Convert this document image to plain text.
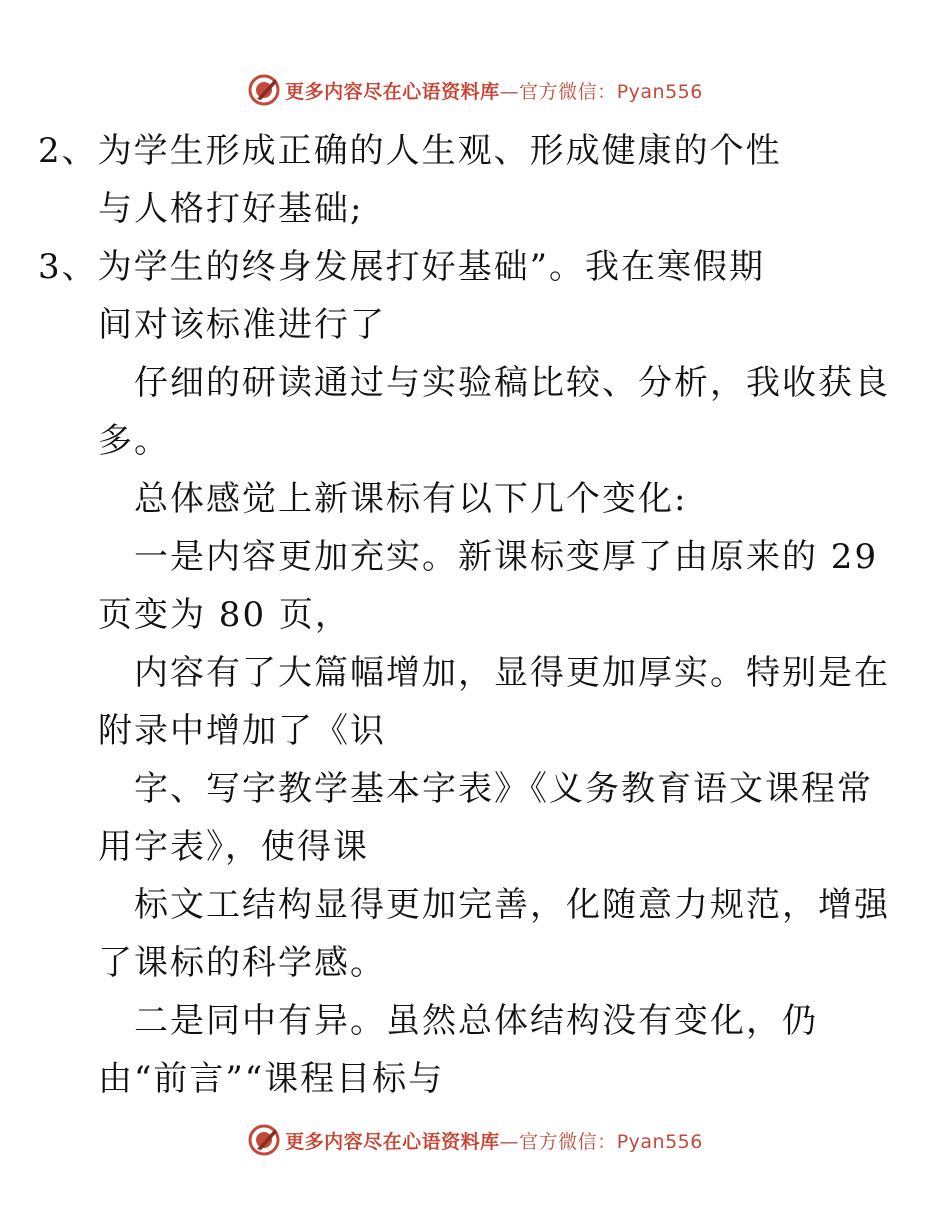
更多内容尽在心语资料库—官方微信：Pyan556
2、为学生形成正确的人生观、形成健康的个性
与人格打好基础;
3、为学生的终身发展打好基础”。我在寒假期
间对该标准进行了
仔细的研读通过与实验稿比较、分析，我收获良
多。
总体感觉上新课标有以下几个变化:
一是内容更加充实。新课标变厚了由原来的 29
页变为 80 页，
内容有了大篇幅增加，显得更加厚实。特别是在
附录中增加了《识
字、写字教学基本字表》《义务教育语文课程常
用字表》，使得课
标文工结构显得更加完善，化随意力规范，增强
了课标的科学感。
二是同中有异。虽然总体结构没有变化，仍
由“前言”“课程目标与
更多内容尽在心语资料库—官方微信：Pyan556
